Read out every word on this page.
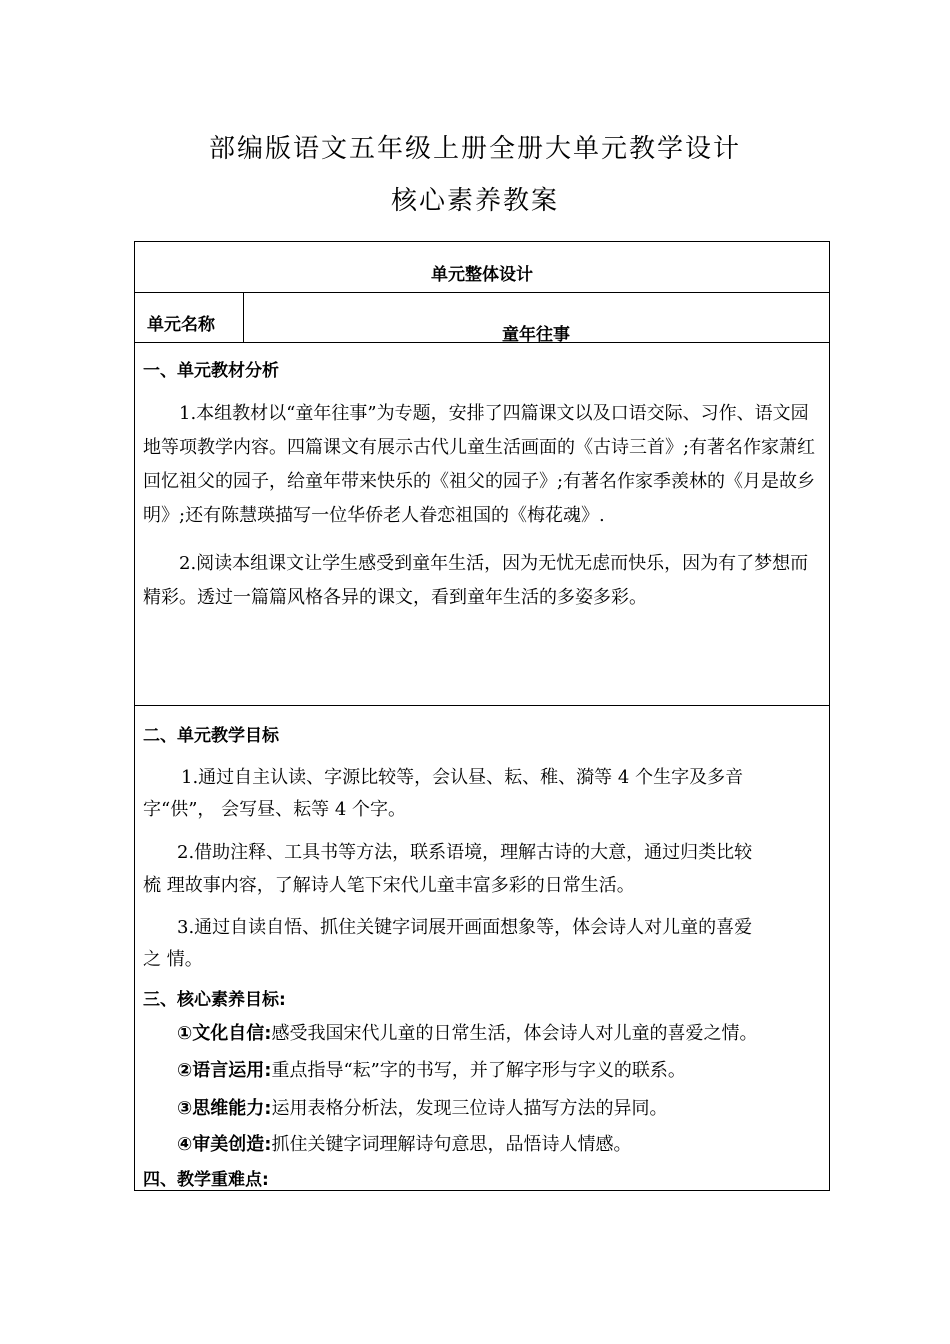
部编版语文五年级上册全册大单元教学设计
核心素养教案
单元整体设计
单元名称	童年往事
一、单元教材分析
1.本组教材以“童年往事”为专题，安排了四篇课文以及口语交际、习作、语文园地等项教学内容。四篇课文有展示古代儿童生活画面的《古诗三首》;有著名作家萧红回忆祖父的园子，给童年带来快乐的《祖父的园子》;有著名作家季羡林的《月是故乡明》;还有陈慧瑛描写一位华侨老人眷恋祖国的《梅花魂》.
2.阅读本组课文让学生感受到童年生活，因为无忧无虑而快乐，因为有了梦想而精彩。透过一篇篇风格各异的课文，看到童年生活的多姿多彩。
二、单元教学目标
1.通过自主认读、字源比较等，会认昼、耘、稚、漪等 4 个生字及多音
字“供”， 会写昼、耘等 4 个字。
2.借助注释、工具书等方法，联系语境，理解古诗的大意，通过归类比较
梳 理故事内容，了解诗人笔下宋代儿童丰富多彩的日常生活。
3.通过自读自悟、抓住关键字词展开画面想象等，体会诗人对儿童的喜爱
之 情。
三、核心素养目标:
①文化自信:感受我国宋代儿童的日常生活，体会诗人对儿童的喜爱之情。
②语言运用:重点指导“耘”字的书写，并了解字形与字义的联系。
③思维能力:运用表格分析法，发现三位诗人描写方法的异同。
④审美创造:抓住关键字词理解诗句意思，品悟诗人情感。
四、教学重难点:
